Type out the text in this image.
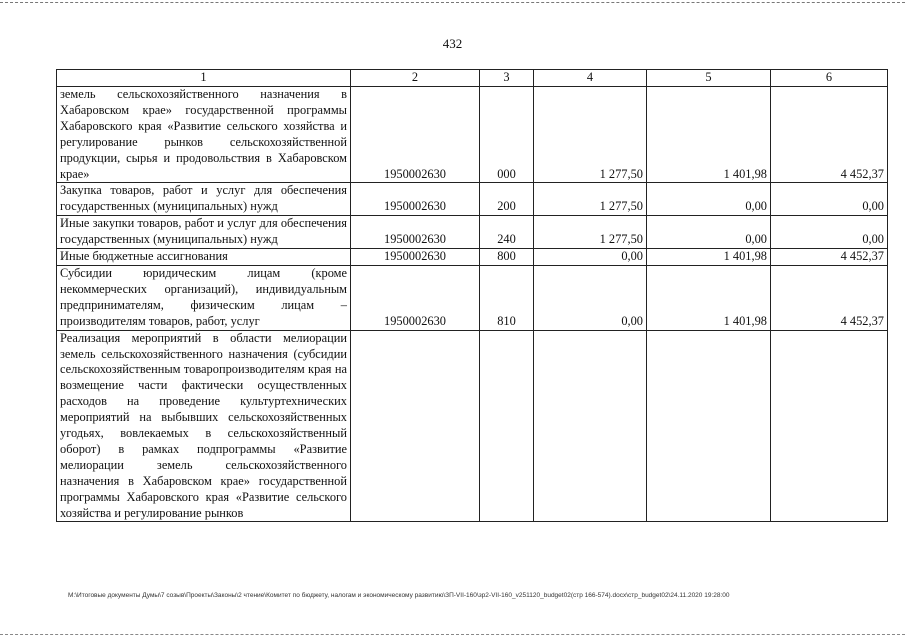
432
1	2	3	4	5	6

земель сельскохозяйственного назначения в Хабаровском крае» государственной программы Хабаровского края «Развитие сельского хозяйства и регулирование рынков сельскохозяйственной продукции, сырья и продовольствия в Хабаровском крае»	1950002630	000	1 277,50	1 401,98	4 452,37

Закупка товаров, работ и услуг для обеспечения государственных (муниципальных) нужд	1950002630	200	1 277,50	0,00	0,00

Иные закупки товаров, работ и услуг для обеспечения государственных (муниципальных) нужд	1950002630	240	1 277,50	0,00	0,00

Иные бюджетные ассигнования	1950002630	800	0,00	1 401,98	4 452,37

Субсидии юридическим лицам (кроме некоммерческих организаций), индивидуальным предпринимателям, физическим лицам – производителям товаров, работ, услуг	1950002630	810	0,00	1 401,98	4 452,37

Реализация мероприятий в области мелиорации земель сельскохозяйственного назначения (субсидии сельскохозяйственным товаропроизводителям края на возмещение части фактически осуществленных расходов на проведение культуртехнических мероприятий на выбывших сельскохозяйственных угодьях, вовлекаемых в сельскохозяйственный оборот) в рамках подпрограммы «Развитие мелиорации земель сельскохозяйственного назначения в Хабаровском крае» государственной программы Хабаровского края «Развитие сельского хозяйства и регулирование рынков					

M:\Итоговые документы Думы\7 созыв\Проекты\Законы\2 чтение\Комитет по бюджету, налогам и экономическому развитию\ЗП-VII-160\зр2-VII-160_v251120_budget02(стр 166-574).docx\стр_budget02\24.11.2020 19:28:00
